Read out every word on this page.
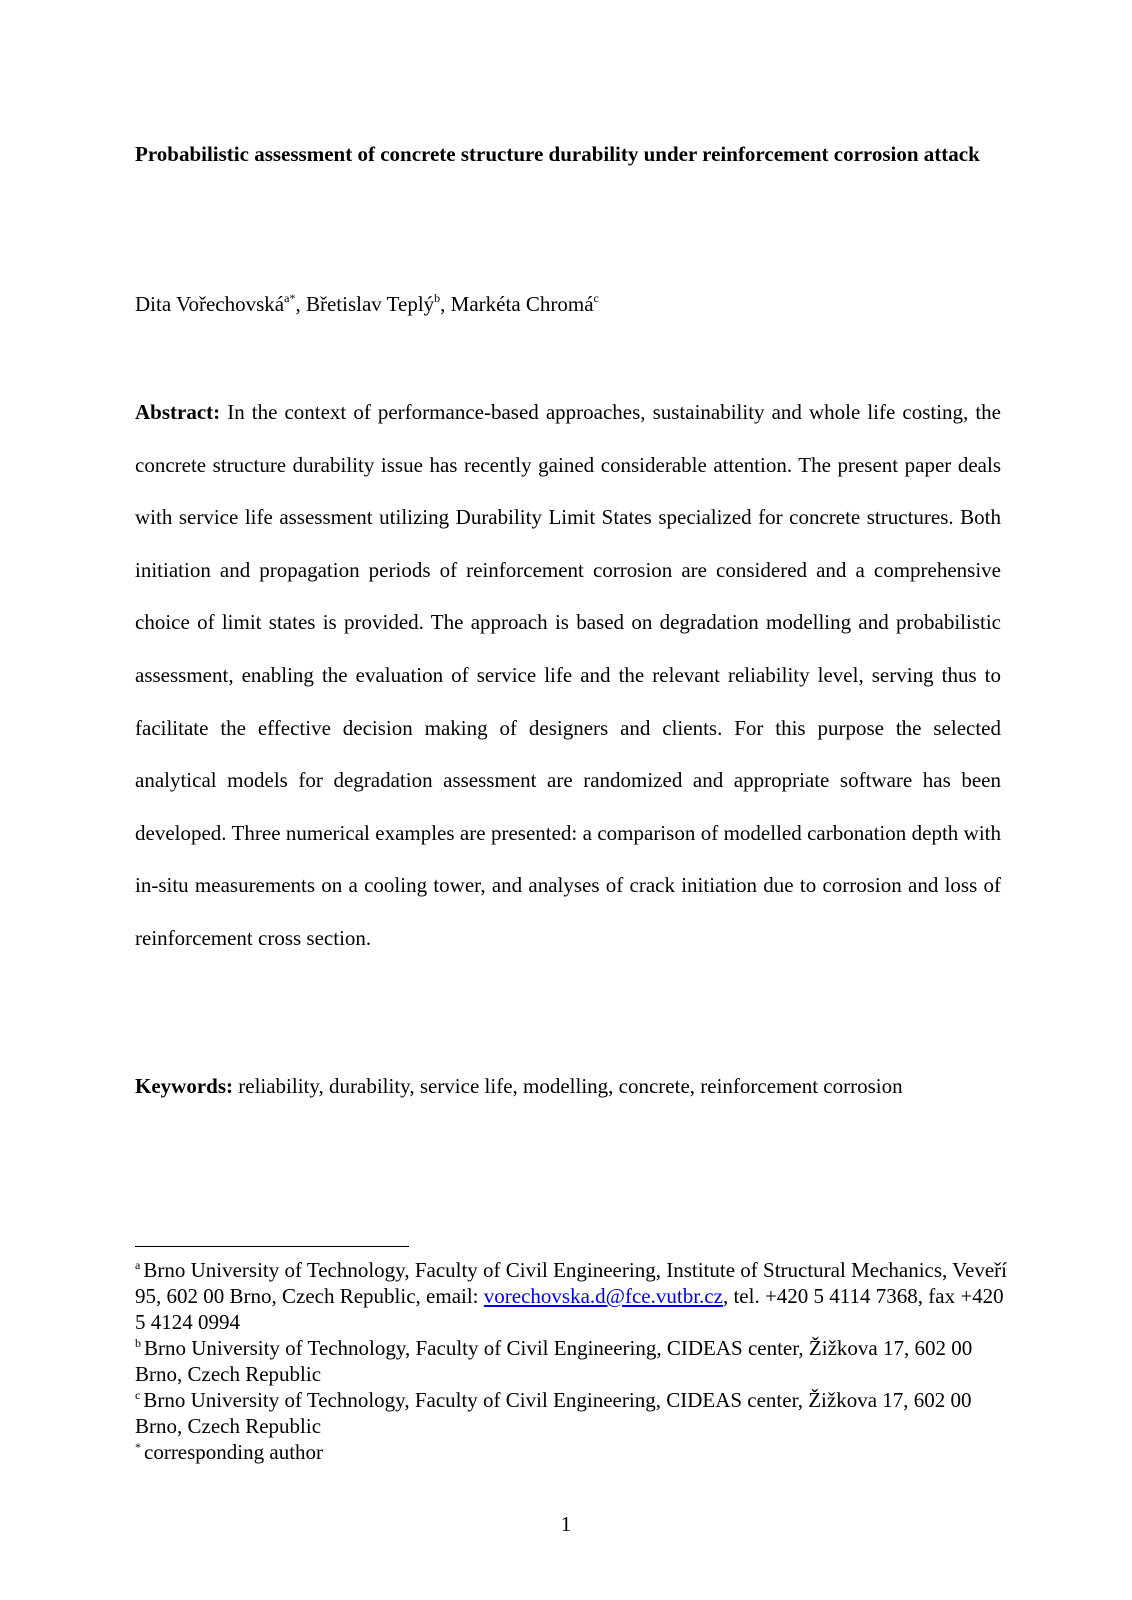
Probabilistic assessment of concrete structure durability under reinforcement corrosion attack
Dita Vořechovská$^{a*}$, Břetislav Teplý$^b$, Markéta Chromá$^c$
Abstract: In the context of performance-based approaches, sustainability and whole life costing, the concrete structure durability issue has recently gained considerable attention. The present paper deals with service life assessment utilizing Durability Limit States specialized for concrete structures. Both initiation and propagation periods of reinforcement corrosion are considered and a comprehensive choice of limit states is provided. The approach is based on degradation modelling and probabilistic assessment, enabling the evaluation of service life and the relevant reliability level, serving thus to facilitate the effective decision making of designers and clients. For this purpose the selected analytical models for degradation assessment are randomized and appropriate software has been developed. Three numerical examples are presented: a comparison of modelled carbonation depth with in-situ measurements on a cooling tower, and analyses of crack initiation due to corrosion and loss of reinforcement cross section.
Keywords: reliability, durability, service life, modelling, concrete, reinforcement corrosion

$^a$ Brno University of Technology, Faculty of Civil Engineering, Institute of Structural Mechanics, Veveří 95, 602 00 Brno, Czech Republic, email: vorechovska.d@fce.vutbr.cz, tel. +420 5 4114 7368, fax +420 5 4124 0994

$^b$ Brno University of Technology, Faculty of Civil Engineering, CIDEAS center, Žižkova 17, 602 00 Brno, Czech Republic

$^c$ Brno University of Technology, Faculty of Civil Engineering, CIDEAS center, Žižkova 17, 602 00 Brno, Czech Republic

* corresponding author

1
